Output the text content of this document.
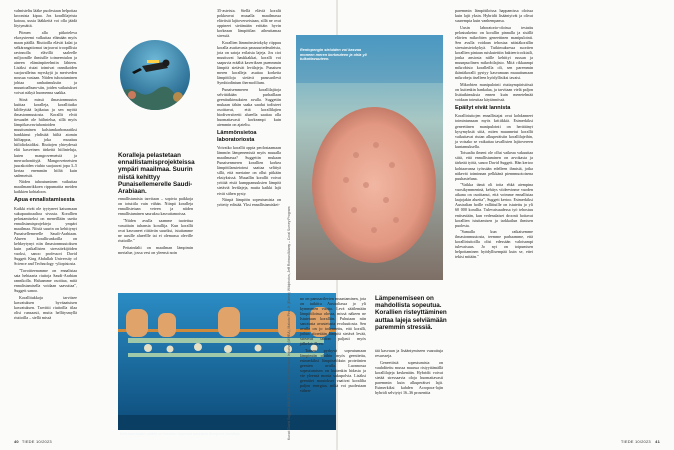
valmisteltu lääke puolestaan helpottaa kroonista kipua. Jos korallilajeista katoaa, uusia lääkkeitä voi olla jäädä löytymättä.

Pitmen alla pitkoteleva ekosysteemi valkuttaa elämään myös maan päällä. Riuttoilla elävät kalat ja selkärangattomat tarjoavat troopillisia ravinnolla elävillä saaleelle miljoonille ihmisille toimeentulon ja aineen elämänpiteelmiin lähteen. Lisäksi riutat toimivat rannikoiden suojavalleina myrskyjä ja meriveden nousua vastaan. Niiden tuhoutuminen johtaa ranhatimuksiin ja muuntoalbum-siin, joiden vaikutukset voivat näkyä huomenna saakka.

Siinä missä ilmastonmuutos kuittaa koralleja, korallitutko kilöleyttää lajikatua ja sen myötä ilmastonmuutosta. Korallit elvät tiesuadet ole hiiltnielua, sillä myös lämpökasvaviuhonioiden muuttuminen kalsiumkarbonaatiksi hankkinut yhdistää hiiltä atomin hiiltappoa, joka muuttuu hiilidioksidiksi. Riuttojen yhteydessä eläi kasveinen tärkeitä hiilinieluja, kuten mangrovemetsiä ja merruohonittyjä. Mangroveinetsien juurakoiden viuhto suojaavat jopa 3–5 kertaa enemmän hiiltä kuin sademetsät.

Niiden tuhoutuminen vaikuttaa maailmanrikkoen rippumattta meiden kaikkien kohtaloon.

Apua ennalistamisesta

Kaikki eivät ole tyytyneet katsomaan sukupuuttoaaltoa sivusta. Korallien pelastamiseksi on meneillään useita ennalistamisprojekteja ympäri maailmaa. Niistä suurin on kehittynyt Punaisellemerelle Saudi-Arabiaan. Alueen korallirunkoilla on kehkeytynyt niin ilmastonmuutoksen kuin paikallisten stressitekijöiden vuoksi, sanoo professori David Suggett King Abdullah University of Science and Technology -yliopistosta.

"Tavoitteenamme on ennalistaa sata hehtaaria riuttoja Saudi-Arabian rannikolla. Haluamme osoittaa, mitä ennalistamisella voidaan saavuttaa", Suggett sanoo.

Korallitukkoja tarvitsee kasvatuksen byväaatuisen kasvatuksen. Tarvittii riuttoilla tilaa olisi runsaasti, mutta hellitysmyllä riuttoilla – siellä missä

ennallistamista tarvitaan – sopivia paikkoja on totuttila vain vähän. Niinpä koralleja ennallistetaan veteen ja niiden ennallistaminen sauruksu kasvattamoissa.

"Niiden avulla saamme tuotettua vasuittain tuhansia korallija. Kun korallit ovat kasvaneet riittävän suuriksi, istuttamme ne uusille alueellle tai ei olemassa oleville riuttoille."

Pettaindalti on maailman lämpimin merialue, jossa vesi on yleensä noin

Koralleja pelastetaan ennallistamisprojekteissa ympäri maailmaa. Suurin niistä kehittyy Punaisellemerelle Saudi-Arabiaan.
Kelluvan laulan päällä on istutettu nopeasti kasvavia Acropora-koralleja.
40 TIEDE 10/2023

35-asteista. Siellä eläviä koralit pokkeavat muualla maailmassa eläviistä lajitoverseistaan, sillä ne ovat oppineet sietämään erittäin hyvin korkeaan lämpötilan aiheuttamaa stressiä.

Korallien lämmönsietokyky riippuu koralla asuttavasta pausuurtedeudeista, jota on satoja erilaisia lajeja. Jos ciot muuttuvat haukkakkai, koralli voi saapuvia eräältä kaveriksen puenmmin lämpöä sietävät levälajeja. Punaisen meren koralleja asuttaa korkeita lämpötiloja sietävä panssarilevä Symbiodinium thermofilium.

Punaisemmeren korallilajitoja selvittäkään parhaillaan geenitutkimuksien avulla. Suggettin mukaan tähän saaka saadut todisteet osoittavat, että korallilajien biodiversiteetti alueella saattaa olla huomattavasti korkeampi kuin aiemmin on ajateltu.

Lämmönsietoa laboratoriosta

Voivatko korallit oppia peolostaamaan lämmön lämpenemistä myös muualla maailmassa? Suggettin mukaan Punaisenmeren korallien korkea lämpötilansietoinsi saattaa selittyä sillä, että meriaine on ollut pitkään ekstyksissä. Muuallin korallit voivat yrittää etsiä kumppanuuksien lämpöä sietäviä levälajeja, mutta kaikki lajit eivät siihen pysty.

Niinpä lämpöön sopeutumista on yritetty edistää. Yksi ennallistamiskei-

Rentopengin sieluiden voi kasvaa moneen meren korkeuteen ja ohla yli tulkottavuuteen.
Kuvat: David Suggett (KAUST) NeuroCoral Restoration Initiative (MMEA), Makoto Pino Jr. (Ebene) Wildphotos, Jeff Rotman/Alamy – Coral Survey Program no on panssarilevien muuntaminen, jota on tutkittu Australiassa jo yli kymmenen vuotta. Levä sääilemään lämpötiloissa olossa, missä näkeen ne lstutetaan koralliin. Puhutaan niin sanotusta avustetusta evoluutiosta. Sen avulla on jo todennettu, että koralli, joihin siirretään lämpöä sietävä levää, ssteavat taidon paljasti myös jälkelaisilleen.

Toinen pyrkyvä sopeutumaan lämpimiin oloihin myös geenitettu, esimerkiksi lämpöselöksin proteiinien geenien avulla. Luonnossa sopeutumisen on kuitenkin hidasta ja vie yleensä monia sukupolvia. Lisäksi geenittet muutokset vaativat koralilta paljon energiaa, mikä voi puolestaan vähen-

Lämpenemiseen on mahdollista sopeutua. Korallien risteyttäminen auttaa lajeja selviämään paremmin stressiä.

tää kasvuun ja lisääntymiseen vuarattuja resursseja.

Geneettistä sopeutumista on vauhditettu mussa muussa ristyyttämällä korallilajeja keskenään. Hybridit voivat sietää stressaavia oloja huomattavasti paremmin kuin alkuperäiset lajit. Esimerkiksi kahden Acropora-lajin hybridi selviytyi 16–36 prosenttia

paremmin lämpötiloissa happamissa oloissa kuin lajit yksin. Hybridit lisääntyivät ja olivat suurempia kuin vanhempansa.

Uusin laboratorio-oloissa testattu pelastuskeino on korallin pinnalla ja sisällä elävien mikrobien geneettinen manipulointi. Sen avulla voidaan tehostaa näistäkorallin stressinsietokykyä. Tutkimuksessa suoriten korallien pintaan ruiskutettiin bakteericocktaili, jonka ansiosta niille kehittyi ruusan ja muunpuolinen mikrobilajisto. Mitä rikkaampi mikrobisto koralleilla oli, sen paremmin ikäntäkoralli pystyy kasvamaan muuuttumaan mikrobeja itselleen hyödyllisiksi tavaisi.

Mikrobien manipulointi riuttaympäristössä on kuitenkin hankalaa, ja tarvitaan vielä paljon lisätutkimuksia ennen kuin menetelmää voidaan toteuttaa käytännössä.

Epäilyt eivät lannista

Koralliriuttojen ennallistajat ovat kohdanneet toimintansaan myös kritiikkiä. Esimerkiksi geneettinen manipulointi on herättänyt kysymyksiä siitä, miten muunnetut korallit vaikuttavat riutan alkuperäisiin korallilajeihin, ja voisako se vaikuttaa tavallisten lajitovereen kuntamuksella.

Toisaalta ilmeni ole ollut vaikeaa vakuuttaa siitä, että ennallistaminen on arvokasta ja tärkeää työtä, sanoo David Suggett. Hän kertoo kohtaavansa työssään edelleen ihmisiä, jotka näkevät toiminnan pelkkänä piennmuotoisena puuhasteluna.

"Vaikka tämä oli totta ehkä aiempina vuosikymmeninä, kehitys viideevinme vuoden aikana on osoittanut, että voimme ennallistaa laajojakin alueita", Suggett kertoo. Esimerkiksi Australian hoille vallittuille on istutettu jo yli 60 000 korallia. Tulevaisuudessa työ tehostuu entisestään, kun vedenalaiset droonit hoitavat korallien istuttamisen ja tarkkailun ihmisen puolesta.

"Samalla kun ratkaisemme ilmastonmuutosta, teemme parhaamme, että koralliriuttoilla olisi edessään valoisampi tulevaisuus. Jo nyt on toipumisen helpottaminen hyödyllisempää kuin se, ettei tekisi mitään."

TIEDE 10/2023 41
